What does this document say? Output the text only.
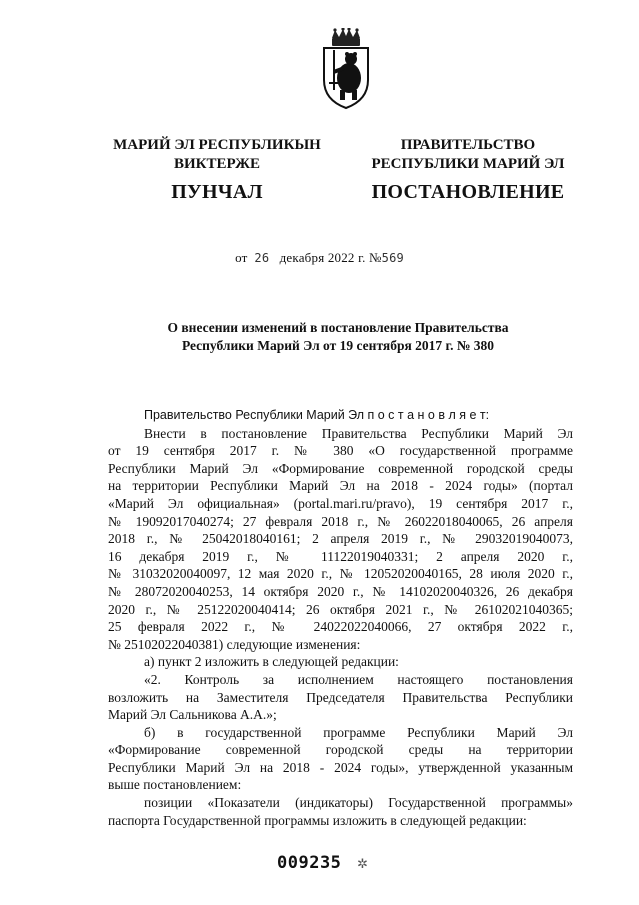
МАРИЙ ЭЛ РЕСПУБЛИКЫН
ВИКТЕРЖЕ
ПУНЧАЛ
ПРАВИТЕЛЬСТВО
РЕСПУБЛИКИ МАРИЙ ЭЛ
ПОСТАНОВЛЕНИЕ
от 26 декабря 2022 г. №569
О внесении изменений в постановление Правительства
Республики Марий Эл от 19 сентября 2017 г. № 380

Правительство Республики Марий Эл п о с т а н о в л я е т:

Внести в постановление Правительства Республики Марий Эл

от 19 сентября 2017 г. № 380 «О государственной программе

Республики Марий Эл «Формирование современной городской среды

на территории Республики Марий Эл на 2018 - 2024 годы» (портал

«Марий Эл официальная» (portal.mari.ru/pravo), 19 сентября 2017 г.,

№ 19092017040274; 27 февраля 2018 г., № 26022018040065, 26 апреля

2018 г., № 25042018040161; 2 апреля 2019 г., № 29032019040073,

16 декабря 2019 г., № 11122019040331; 2 апреля 2020 г.,

№ 31032020040097, 12 мая 2020 г., № 12052020040165, 28 июля 2020 г.,

№ 28072020040253, 14 октября 2020 г., № 14102020040326, 26 декабря

2020 г., № 25122020040414; 26 октября 2021 г., № 26102021040365;

25 февраля 2022 г., № 24022022040066, 27 октября 2022 г.,

№ 25102022040381) следующие изменения:

а) пункт 2 изложить в следующей редакции:

«2. Контроль за исполнением настоящего постановления

возложить на Заместителя Председателя Правительства Республики

Марий Эл Сальникова А.А.»;

б) в государственной программе Республики Марий Эл

«Формирование современной городской среды на территории

Республики Марий Эл на 2018 - 2024 годы», утвержденной указанным

выше постановлением:

позиции «Показатели (индикаторы) Государственной программы»

паспорта Государственной программы изложить в следующей редакции:

009235 ✲
